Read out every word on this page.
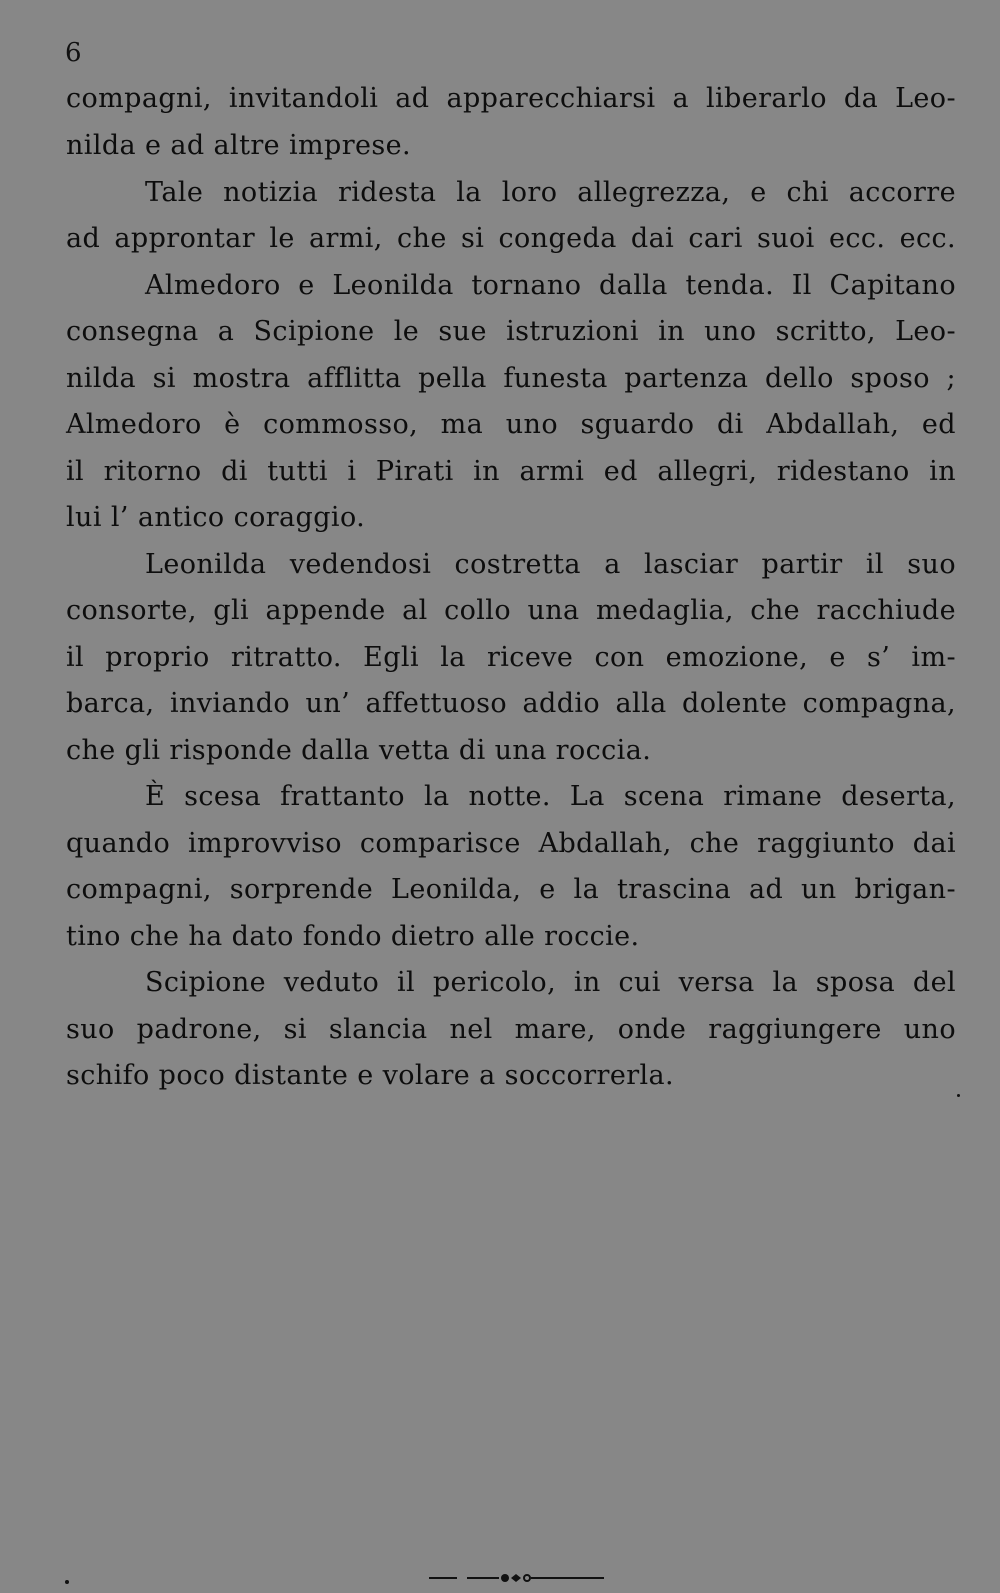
6
compagni, invitandoli ad apparecchiarsi a liberarlo da Leo-
nilda e ad altre imprese.
Tale notizia ridesta la loro allegrezza, e chi accorre
ad approntar le armi, che si congeda dai cari suoi ecc. ecc.
Almedoro e Leonilda tornano dalla tenda. Il Capitano
consegna a Scipione le sue istruzioni in uno scritto, Leo-
nilda si mostra afflitta pella funesta partenza dello sposo ;
Almedoro è commosso, ma uno sguardo di Abdallah, ed
il ritorno di tutti i Pirati in armi ed allegri, ridestano in
lui l’ antico coraggio.
Leonilda vedendosi costretta a lasciar partir il suo
consorte, gli appende al collo una medaglia, che racchiude
il proprio ritratto. Egli la riceve con emozione, e s’ im-
barca, inviando un’ affettuoso addio alla dolente compagna,
che gli risponde dalla vetta di una roccia.
È scesa frattanto la notte. La scena rimane deserta,
quando improvviso comparisce Abdallah, che raggiunto dai
compagni, sorprende Leonilda, e la trascina ad un brigan-
tino che ha dato fondo dietro alle roccie.
Scipione veduto il pericolo, in cui versa la sposa del
suo padrone, si slancia nel mare, onde raggiungere uno
schifo poco distante e volare a soccorrerla.
